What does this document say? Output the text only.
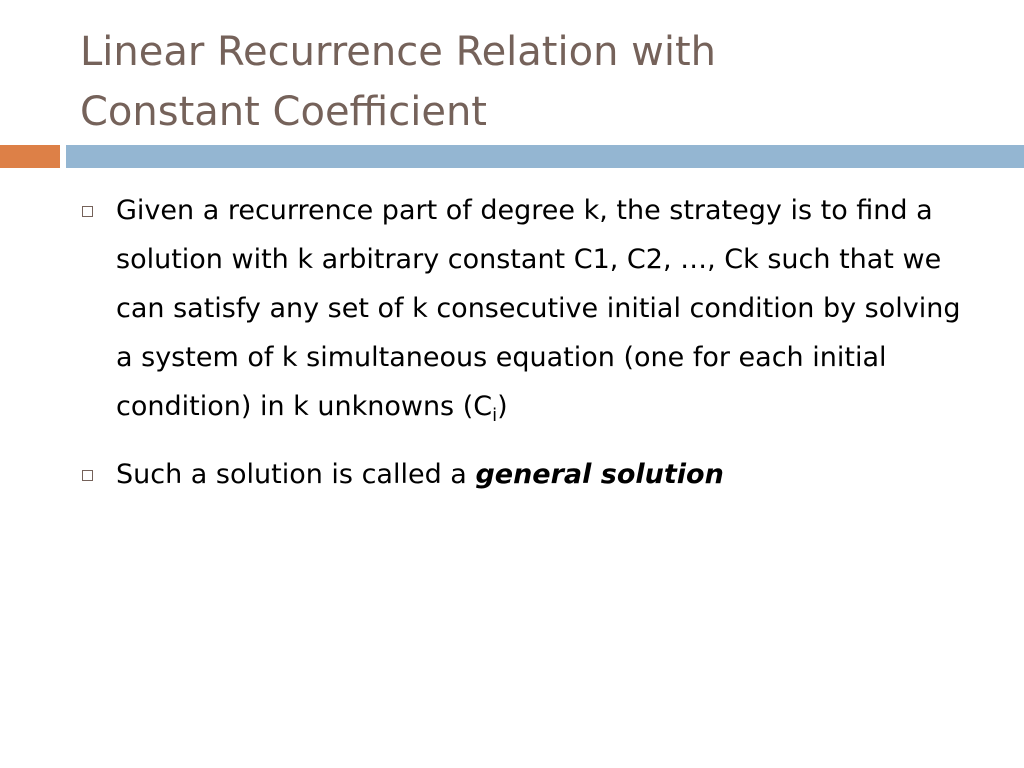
Linear Recurrence Relation with
Constant Coefficient
Given a recurrence part of degree k, the strategy is to find a solution with k arbitrary constant C1, C2, …, Ck such that we can satisfy any set of k consecutive initial condition by solving a system of k simultaneous equation (one for each initial condition) in k unknowns $(C_i)$
Such a solution is called a general solution
